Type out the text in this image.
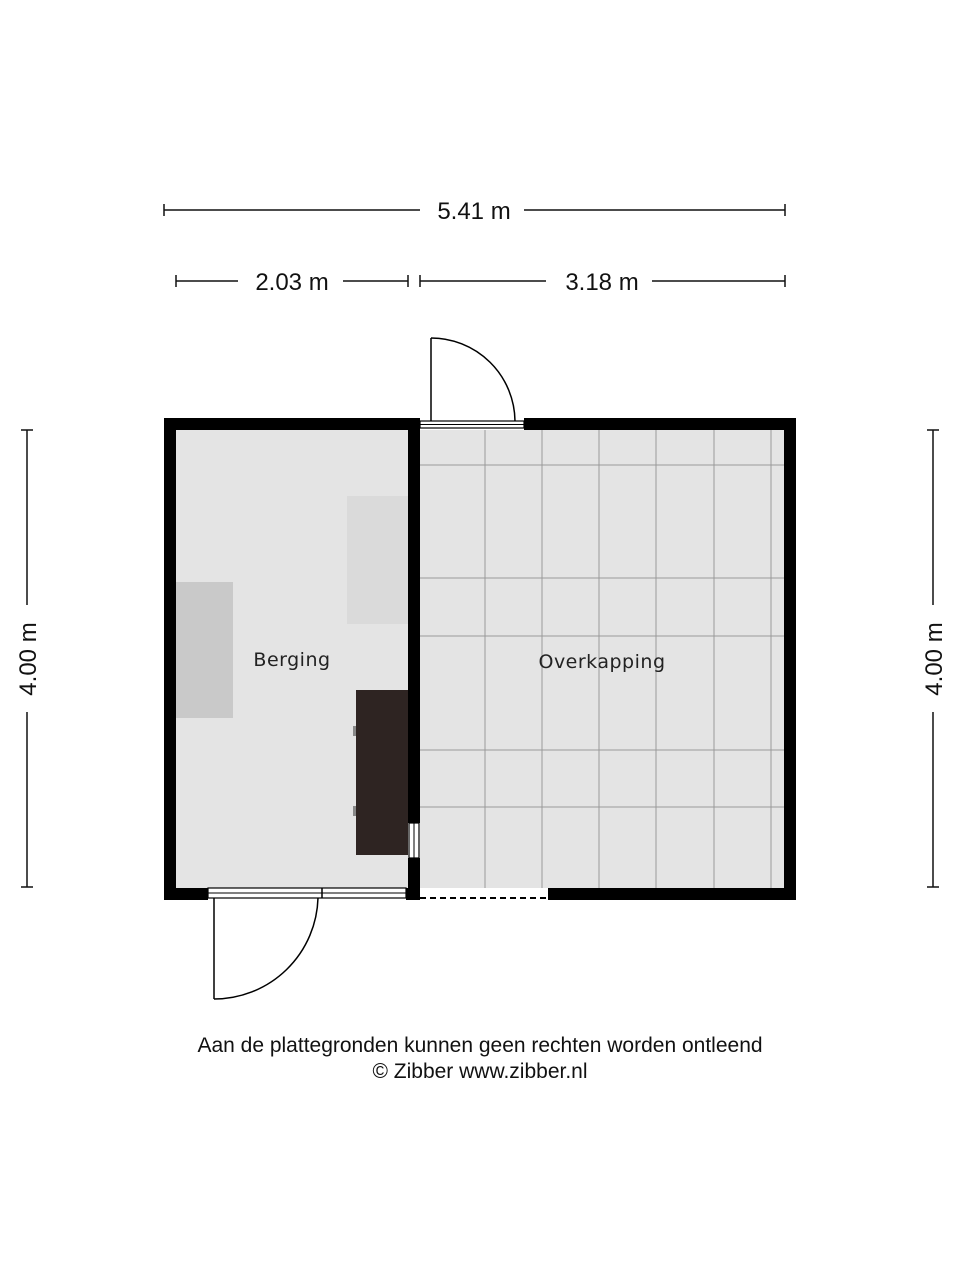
5.41 m
2.03 m	3.18 m
4.00 m	4.00 m
Berging	Overkapping
Aan de plattegronden kunnen geen rechten worden ontleend
© Zibber www.zibber.nl
